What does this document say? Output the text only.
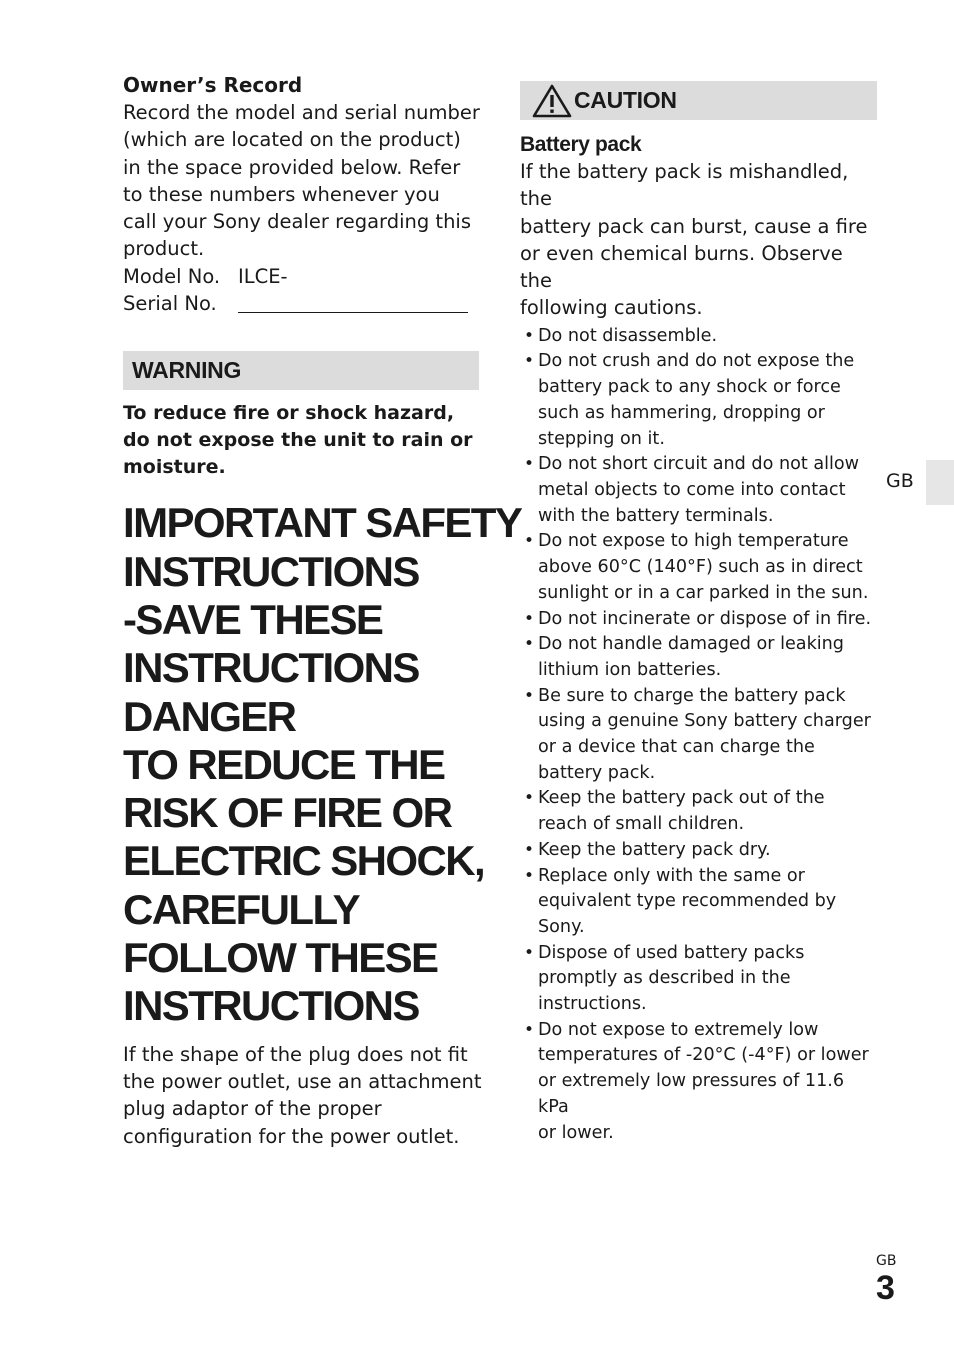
Owner’s Record

Record the model and serial number
(which are located on the product)
in the space provided below. Refer
to these numbers whenever you
call your Sony dealer regarding this
product.
Model No. ILCE-
Serial No.
WARNING

To reduce fire or shock hazard,
do not expose the unit to rain or
moisture.

IMPORTANT SAFETY
INSTRUCTIONS
-SAVE THESE
INSTRUCTIONS
DANGER
TO REDUCE THE
RISK OF FIRE OR
ELECTRIC SHOCK,
CAREFULLY
FOLLOW THESE
INSTRUCTIONS

If the shape of the plug does not fit
the power outlet, use an attachment
plug adaptor of the proper
configuration for the power outlet.

CAUTION

Battery pack

If the battery pack is mishandled, the
battery pack can burst, cause a fire
or even chemical burns. Observe the
following cautions.
• Do not disassemble.
• Do not crush and do not expose the
battery pack to any shock or force
such as hammering, dropping or
stepping on it.
• Do not short circuit and do not allow
metal objects to come into contact
with the battery terminals.
• Do not expose to high temperature
above 60°C (140°F) such as in direct
sunlight or in a car parked in the sun.
• Do not incinerate or dispose of in fire.
• Do not handle damaged or leaking
lithium ion batteries.
• Be sure to charge the battery pack
using a genuine Sony battery charger
or a device that can charge the
battery pack.
• Keep the battery pack out of the
reach of small children.
• Keep the battery pack dry.
• Replace only with the same or
equivalent type recommended by
Sony.
• Dispose of used battery packs
promptly as described in the
instructions.
• Do not expose to extremely low
temperatures of -20°C (-4°F) or lower
or extremely low pressures of 11.6 kPa
or lower.
GB
GB
3
